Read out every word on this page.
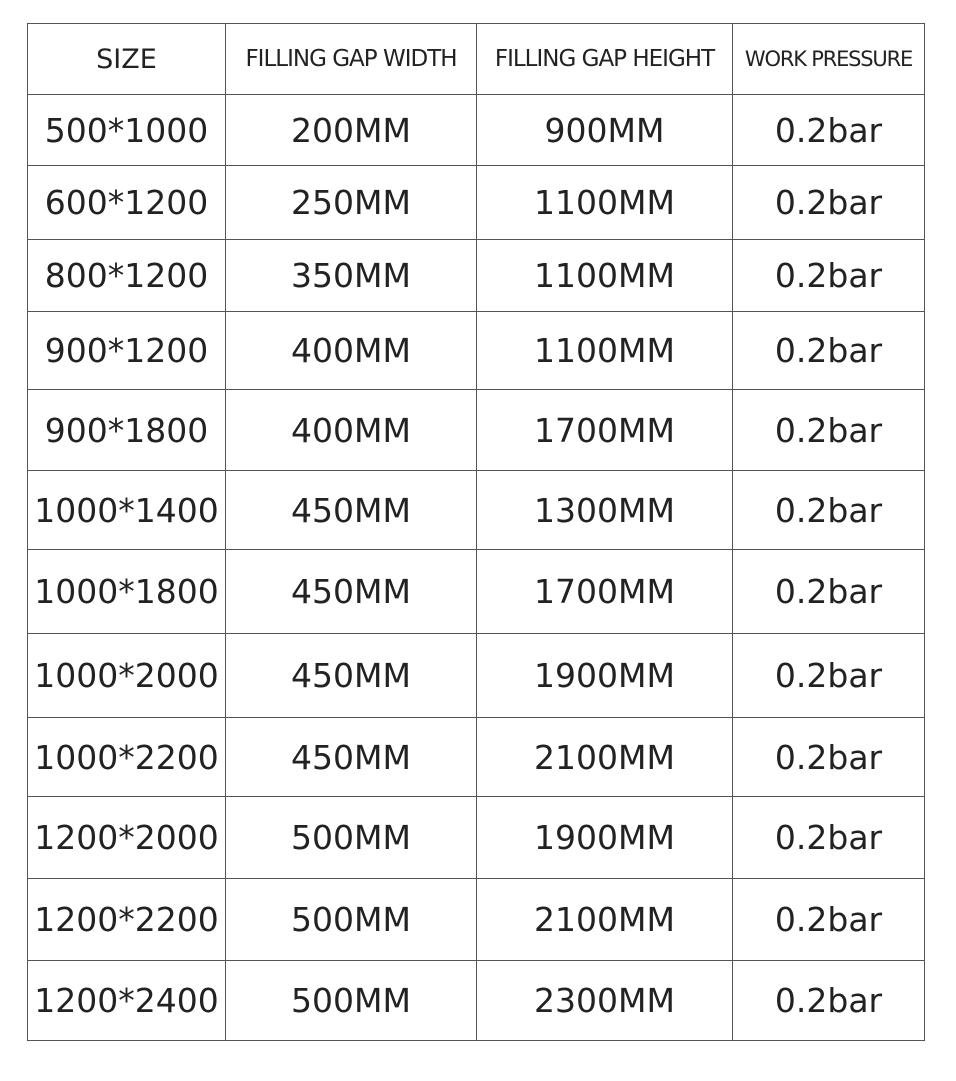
SIZE	FILLING GAP WIDTH	FILLING GAP HEIGHT	WORK PRESSURE
500*1000	200MM	900MM	0.2bar
600*1200	250MM	1100MM	0.2bar
800*1200	350MM	1100MM	0.2bar
900*1200	400MM	1100MM	0.2bar
900*1800	400MM	1700MM	0.2bar
1000*1400	450MM	1300MM	0.2bar
1000*1800	450MM	1700MM	0.2bar
1000*2000	450MM	1900MM	0.2bar
1000*2200	450MM	2100MM	0.2bar
1200*2000	500MM	1900MM	0.2bar
1200*2200	500MM	2100MM	0.2bar
1200*2400	500MM	2300MM	0.2bar
